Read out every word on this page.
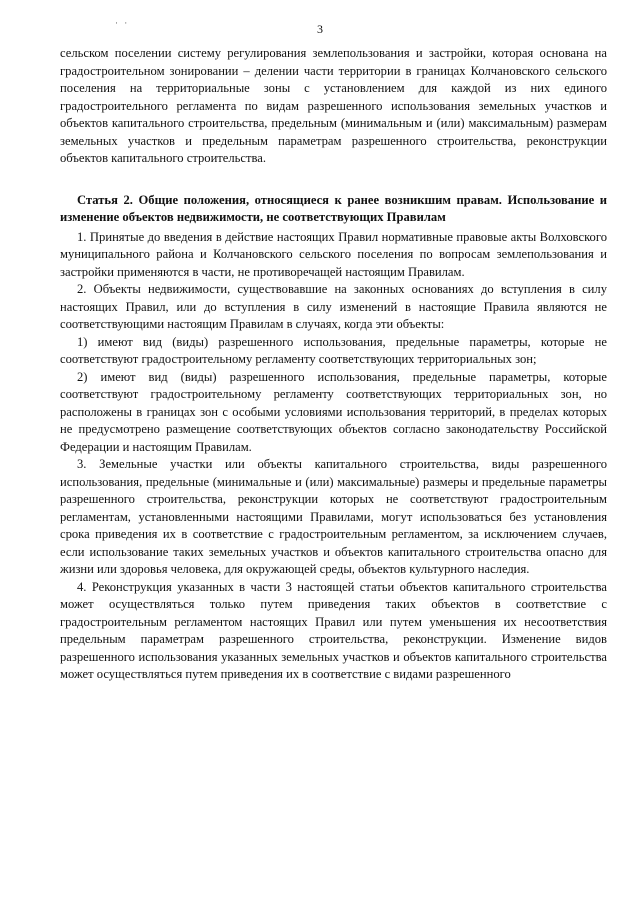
· ·	3

сельском поселении систему регулирования землепользования и застройки, которая основана на градостроительном зонировании – делении части территории в границах Колчановского сельского поселения на территориальные зоны с установлением для каждой из них единого градостроительного регламента по видам разрешенного использования земельных участков и объектов капитального строительства, предельным (минимальным и (или) максимальным) размерам земельных участков и предельным параметрам разрешенного строительства, реконструкции объектов капитального строительства.

Статья 2. Общие положения, относящиеся к ранее возникшим правам. Использование и изменение объектов недвижимости, не соответствующих Правилам

1. Принятые до введения в действие настоящих Правил нормативные правовые акты Волховского муниципального района и Колчановского сельского поселения по вопросам землепользования и застройки применяются в части, не противоречащей настоящим Правилам.

2. Объекты недвижимости, существовавшие на законных основаниях до вступления в силу настоящих Правил, или до вступления в силу изменений в настоящие Правила являются не соответствующими настоящим Правилам в случаях, когда эти объекты:

1) имеют вид (виды) разрешенного использования, предельные параметры, которые не соответствуют градостроительному регламенту соответствующих территориальных зон;

2) имеют вид (виды) разрешенного использования, предельные параметры, которые соответствуют градостроительному регламенту соответствующих территориальных зон, но расположены в границах зон с особыми условиями использования территорий, в пределах которых не предусмотрено размещение соответствующих объектов согласно законодательству Российской Федерации и настоящим Правилам.

3. Земельные участки или объекты капитального строительства, виды разрешенного использования, предельные (минимальные и (или) максимальные) размеры и предельные параметры разрешенного строительства, реконструкции которых не соответствуют градостроительным регламентам, установленными настоящими Правилами, могут использоваться без установления срока приведения их в соответствие с градостроительным регламентом, за исключением случаев, если использование таких земельных участков и объектов капитального строительства опасно для жизни или здоровья человека, для окружающей среды, объектов культурного наследия.

4. Реконструкция указанных в части 3 настоящей статьи объектов капитального строительства может осуществляться только путем приведения таких объектов в соответствие с градостроительным регламентом настоящих Правил или путем уменьшения их несоответствия предельным параметрам разрешенного строительства, реконструкции. Изменение видов разрешенного использования указанных земельных участков и объектов капитального строительства может осуществляться путем приведения их в соответствие с видами разрешенного
